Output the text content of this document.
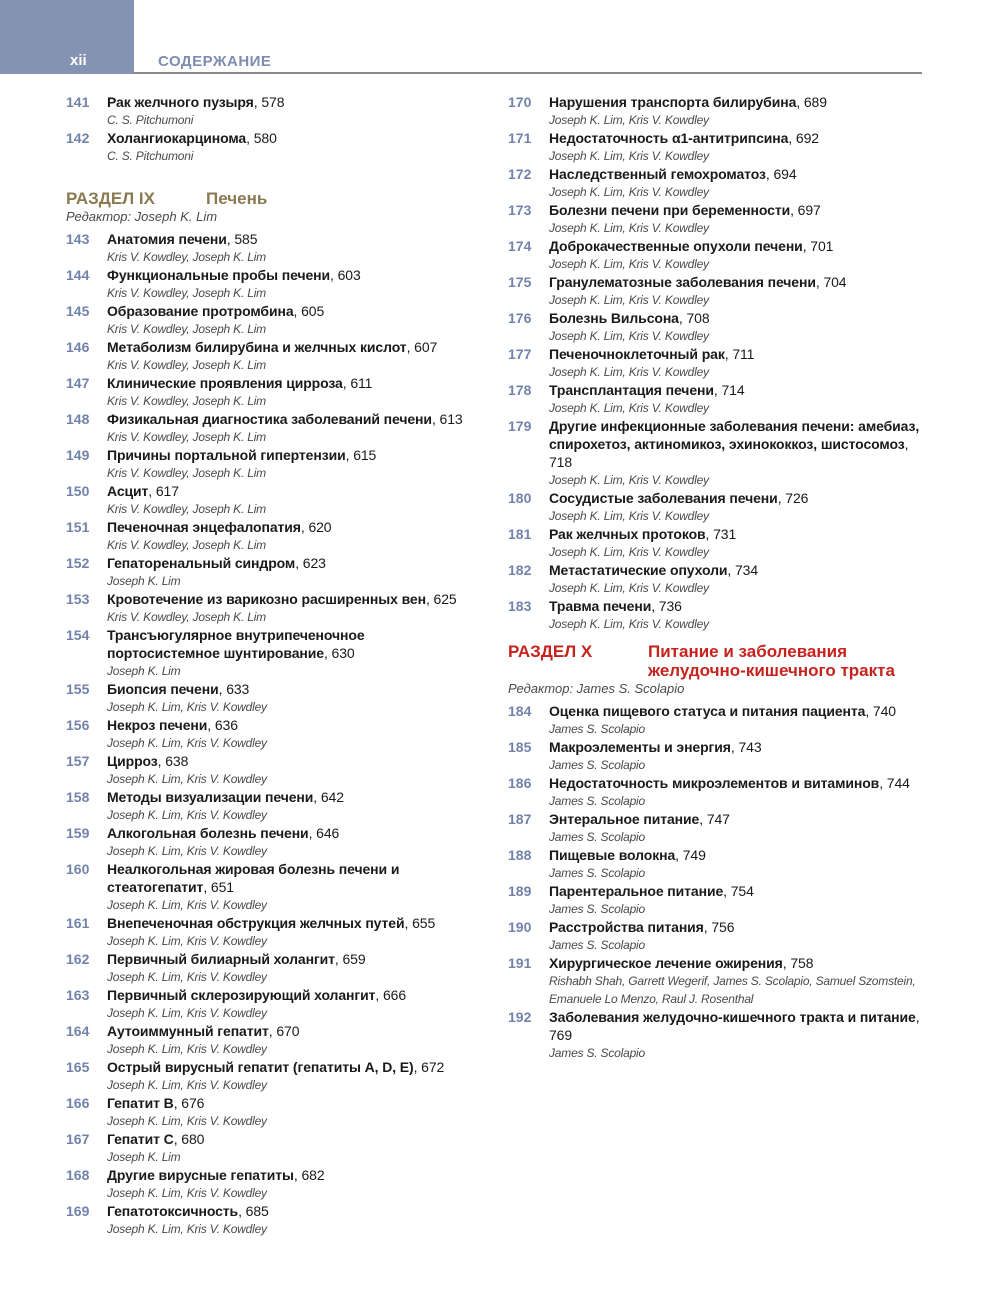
xii	СОДЕРЖАНИЕ
141 Рак желчного пузыря, 578
C. S. Pitchumoni
142 Холангиокарцинома, 580
C. S. Pitchumoni
РАЗДЕЛ IX	Печень
Редактор: Joseph K. Lim
143 Анатомия печени, 585
Kris V. Kowdley, Joseph K. Lim
144 Функциональные пробы печени, 603
Kris V. Kowdley, Joseph K. Lim
145 Образование протромбина, 605
Kris V. Kowdley, Joseph K. Lim
146 Метаболизм билирубина и желчных кислот, 607
Kris V. Kowdley, Joseph K. Lim
147 Клинические проявления цирроза, 611
Kris V. Kowdley, Joseph K. Lim
148 Физикальная диагностика заболеваний печени, 613
Kris V. Kowdley, Joseph K. Lim
149 Причины портальной гипертензии, 615
Kris V. Kowdley, Joseph K. Lim
150 Асцит, 617
Kris V. Kowdley, Joseph K. Lim
151 Печеночная энцефалопатия, 620
Kris V. Kowdley, Joseph K. Lim
152 Гепаторенальный синдром, 623
Joseph K. Lim
153 Кровотечение из варикозно расширенных вен, 625
Kris V. Kowdley, Joseph K. Lim
154 Трансъюгулярное внутрипеченочное портосистемное шунтирование, 630
Joseph K. Lim
155 Биопсия печени, 633
Joseph K. Lim, Kris V. Kowdley
156 Некроз печени, 636
Joseph K. Lim, Kris V. Kowdley
157 Цирроз, 638
Joseph K. Lim, Kris V. Kowdley
158 Методы визуализации печени, 642
Joseph K. Lim, Kris V. Kowdley
159 Алкогольная болезнь печени, 646
Joseph K. Lim, Kris V. Kowdley
160 Неалкогольная жировая болезнь печени и стеатогепатит, 651
Joseph K. Lim, Kris V. Kowdley
161 Внепеченочная обструкция желчных путей, 655
Joseph K. Lim, Kris V. Kowdley
162 Первичный билиарный холангит, 659
Joseph K. Lim, Kris V. Kowdley
163 Первичный склерозирующий холангит, 666
Joseph K. Lim, Kris V. Kowdley
164 Аутоиммунный гепатит, 670
Joseph K. Lim, Kris V. Kowdley
165 Острый вирусный гепатит (гепатиты A, D, E), 672
Joseph K. Lim, Kris V. Kowdley
166 Гепатит B, 676
Joseph K. Lim, Kris V. Kowdley
167 Гепатит C, 680
Joseph K. Lim
168 Другие вирусные гепатиты, 682
Joseph K. Lim, Kris V. Kowdley
169 Гепатотоксичность, 685
Joseph K. Lim, Kris V. Kowdley
170 Нарушения транспорта билирубина, 689
Joseph K. Lim, Kris V. Kowdley
171 Недостаточность α1-антитрипсина, 692
Joseph K. Lim, Kris V. Kowdley
172 Наследственный гемохроматоз, 694
Joseph K. Lim, Kris V. Kowdley
173 Болезни печени при беременности, 697
Joseph K. Lim, Kris V. Kowdley
174 Доброкачественные опухоли печени, 701
Joseph K. Lim, Kris V. Kowdley
175 Гранулематозные заболевания печени, 704
Joseph K. Lim, Kris V. Kowdley
176 Болезнь Вильсона, 708
Joseph K. Lim, Kris V. Kowdley
177 Печеночноклеточный рак, 711
Joseph K. Lim, Kris V. Kowdley
178 Трансплантация печени, 714
Joseph K. Lim, Kris V. Kowdley
179 Другие инфекционные заболевания печени: амебиаз, спирохетоз, актиномикоз, эхинококкоз, шистосомоз, 718
Joseph K. Lim, Kris V. Kowdley
180 Сосудистые заболевания печени, 726
Joseph K. Lim, Kris V. Kowdley
181 Рак желчных протоков, 731
Joseph K. Lim, Kris V. Kowdley
182 Метастатические опухоли, 734
Joseph K. Lim, Kris V. Kowdley
183 Травма печени, 736
Joseph K. Lim, Kris V. Kowdley
РАЗДЕЛ X	Питание и заболевания желудочно-кишечного тракта
Редактор: James S. Scolapio
184 Оценка пищевого статуса и питания пациента, 740
James S. Scolapio
185 Макроэлементы и энергия, 743
James S. Scolapio
186 Недостаточность микроэлементов и витаминов, 744
James S. Scolapio
187 Энтеральное питание, 747
James S. Scolapio
188 Пищевые волокна, 749
James S. Scolapio
189 Парентеральное питание, 754
James S. Scolapio
190 Расстройства питания, 756
James S. Scolapio
191 Хирургическое лечение ожирения, 758
Rishabh Shah, Garrett Wegerif, James S. Scolapio, Samuel Szomstein, Emanuele Lo Menzo, Raul J. Rosenthal
192 Заболевания желудочно-кишечного тракта и питание, 769
James S. Scolapio
